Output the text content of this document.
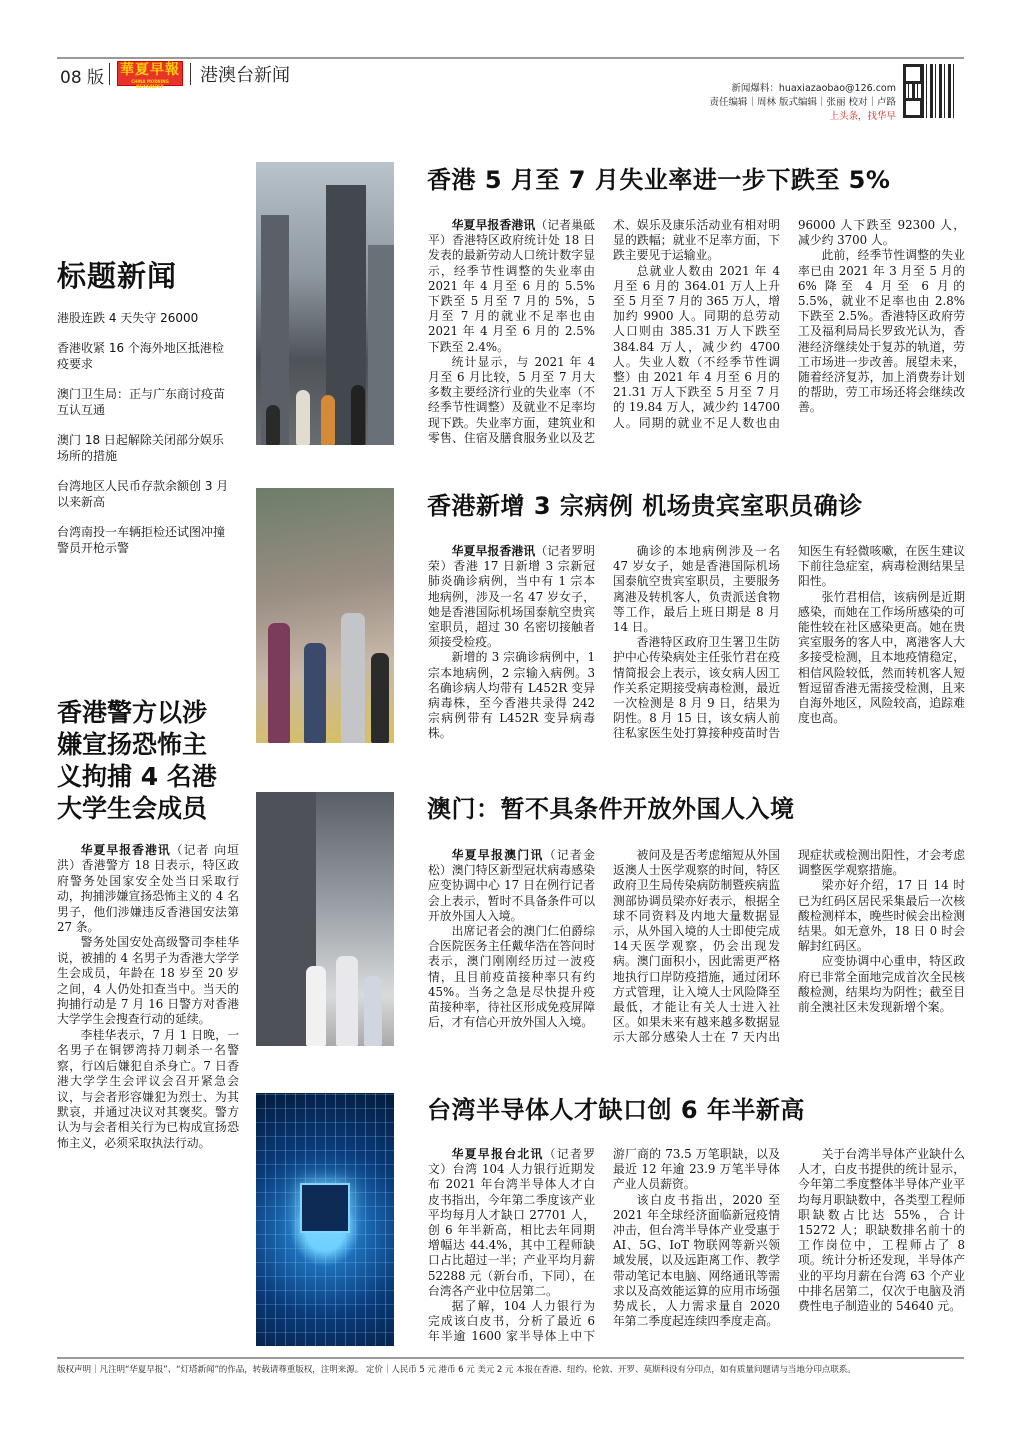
08 版 華夏早報
CHINA MORNING NEWSPAPER
港澳台新闻
新闻爆料：huaxiazaobao@126.com
责任编辑｜周林 版式编辑｜张丽 校对｜卢路
上头条，找华早
标题新闻
港股连跌 4 天失守 26000
香港收紧 16 个海外地区抵港检疫要求
澳门卫生局：正与广东商讨疫苗互认互通
澳门 18 日起解除关闭部分娱乐场所的措施
台湾地区人民币存款余额创 3 月以来新高
台湾南投一车辆拒检还试图冲撞 警员开枪示警
香港警方以涉嫌宣扬恐怖主义拘捕 4 名港大学生会成员

华夏早报香港讯（记者 向垣洪）香港警方 18 日表示，特区政府警务处国家安全处当日采取行动，拘捕涉嫌宣扬恐怖主义的 4 名男子，他们涉嫌违反香港国安法第 27 条。

警务处国安处高级警司李桂华说，被捕的 4 名男子为香港大学学生会成员，年龄在 18 岁至 20 岁之间，4 人仍处扣查当中。当天的拘捕行动是 7 月 16 日警方对香港大学学生会搜查行动的延续。

李桂华表示，7 月 1 日晚，一名男子在铜锣湾持刀刺杀一名警察，行凶后嫌犯自杀身亡。7 日香港大学学生会评议会召开紧急会议，与会者形容嫌犯为烈士、为其默哀，并通过决议对其褒奖。警方认为与会者相关行为已构成宣扬恐怖主义，必须采取执法行动。

香港 5 月至 7 月失业率进一步下跌至 5%

华夏早报香港讯（记者巢砥平）香港特区政府统计处 18 日发表的最新劳动人口统计数字显示，经季节性调整的失业率由 2021 年 4 月至 6 月的 5.5% 下跌至 5 月至 7 月的 5%，5 月至 7 月的就业不足率也由 2021 年 4 月至 6 月的 2.5% 下跌至 2.4%。

统计显示，与 2021 年 4 月至 6 月比较，5 月至 7 月大多数主要经济行业的失业率（不经季节性调整）及就业不足率均现下跌。失业率方面，建筑业和零售、住宿及膳食服务业以及艺术、娱乐及康乐活动业有相对明显的跌幅；就业不足率方面，下跌主要见于运输业。

总就业人数由 2021 年 4 月至 6 月的 364.01 万人上升至 5 月至 7 月的 365 万人，增加约 9900 人。同期的总劳动人口则由 385.31 万人下跌至 384.84 万人，减少约 4700 人。失业人数（不经季节性调整）由 2021 年 4 月至 6 月的 21.31 万人下跌至 5 月至 7 月的 19.84 万人，减少约 14700 人。同期的就业不足人数也由 96000 人下跌至 92300 人，减少约 3700 人。

此前，经季节性调整的失业率已由 2021 年 3 月至 5 月的 6% 降至 4 月至 6 月的 5.5%，就业不足率也由 2.8% 下跌至 2.5%。香港特区政府劳工及福利局局长罗致光认为，香港经济继续处于复苏的轨道，劳工市场进一步改善。展望未来，随着经济复苏，加上消费券计划的帮助，劳工市场还将会继续改善。

香港新增 3 宗病例 机场贵宾室职员确诊

华夏早报香港讯（记者罗明荣）香港 17 日新增 3 宗新冠肺炎确诊病例，当中有 1 宗本地病例，涉及一名 47 岁女子，她是香港国际机场国泰航空贵宾室职员，超过 30 名密切接触者须接受检疫。

新增的 3 宗确诊病例中，1 宗本地病例，2 宗输入病例。3 名确诊病人均带有 L452R 变异病毒株，至今香港共录得 242 宗病例带有 L452R 变异病毒株。

确诊的本地病例涉及一名 47 岁女子，她是香港国际机场国泰航空贵宾室职员，主要服务离港及转机客人，负责派送食物等工作，最后上班日期是 8 月 14 日。

香港特区政府卫生署卫生防护中心传染病处主任张竹君在疫情简报会上表示，该女病人因工作关系定期接受病毒检测，最近一次检测是 8 月 9 日，结果为阴性。8 月 15 日，该女病人前往私家医生处打算接种疫苗时告知医生有轻微咳嗽，在医生建议下前往急症室，病毒检测结果呈阳性。

张竹君相信，该病例是近期感染，而她在工作场所感染的可能性较在社区感染更高。她在贵宾室服务的客人中，离港客人大多接受检测，且本地疫情稳定，相信风险较低，然而转机客人短暂逗留香港无需接受检测，且来自海外地区，风险较高，追踪难度也高。

澳门：暂不具条件开放外国人入境

华夏早报澳门讯（记者金松）澳门特区新型冠状病毒感染应变协调中心 17 日在例行记者会上表示，暂时不具备条件可以开放外国人入境。

出席记者会的澳门仁伯爵综合医院医务主任戴华浩在答问时表示，澳门刚刚经历过一波疫情，且目前疫苗接种率只有约 45%。当务之急是尽快提升疫苗接种率，待社区形成免疫屏障后，才有信心开放外国人入境。

被问及是否考虑缩短从外国返澳人士医学观察的时间，特区政府卫生局传染病防制暨疾病监测部协调员梁亦好表示，根据全球不同资料及内地大量数据显示，从外国入境的人士即使完成14天医学观察，仍会出现发病。澳门面积小，因此需更严格地执行口岸防疫措施，通过闭环方式管理，让入境人士风险降至最低，才能让有关人士进入社区。如果未来有越来越多数据显示大部分感染人士在 7 天内出现症状或检测出阳性，才会考虑调整医学观察措施。

梁亦好介绍，17 日 14 时已为红码区居民采集最后一次核酸检测样本，晚些时候会出检测结果。如无意外，18 日 0 时会解封红码区。

应变协调中心重申，特区政府已非常全面地完成首次全民核酸检测，结果均为阴性；截至目前全澳社区未发现新增个案。

台湾半导体人才缺口创 6 年半新高

华夏早报台北讯（记者罗文）台湾 104 人力银行近期发布 2021 年台湾半导体人才白皮书指出，今年第二季度该产业平均每月人才缺口 27701 人，创 6 年半新高，相比去年同期增幅达 44.4%，其中工程师缺口占比超过一半；产业平均月薪 52288 元（新台币，下同），在台湾各产业中位居第二。

据了解，104 人力银行为完成该白皮书，分析了最近 6 年半逾 1600 家半导体上中下游厂商的 73.5 万笔职缺，以及最近 12 年逾 23.9 万笔半导体产业人员薪资。

该白皮书指出，2020 至 2021 年全球经济面临新冠疫情冲击，但台湾半导体产业受惠于 AI、5G、IoT 物联网等新兴领域发展，以及远距离工作、教学带动笔记本电脑、网络通讯等需求以及高效能运算的应用市场强势成长，人力需求量自 2020 年第二季度起连续四季度走高。

关于台湾半导体产业缺什么人才，白皮书提供的统计显示，今年第二季度整体半导体产业平均每月职缺数中，各类型工程师职缺数占比达 55%，合计 15272 人；职缺数排名前十的工作岗位中，工程师占了 8 项。统计分析还发现，半导体产业的平均月薪在台湾 63 个产业中排名居第二，仅次于电脑及消费性电子制造业的 54640 元。

版权声明｜凡注明“华夏早报”、“灯塔新闻”的作品，转载请尊重版权，注明来源。 定价｜人民币 5 元 港币 6 元 美元 2 元 本报在香港、纽约、伦敦、开罗、莫斯科设有分印点，如有质量问题请与当地分印点联系。
